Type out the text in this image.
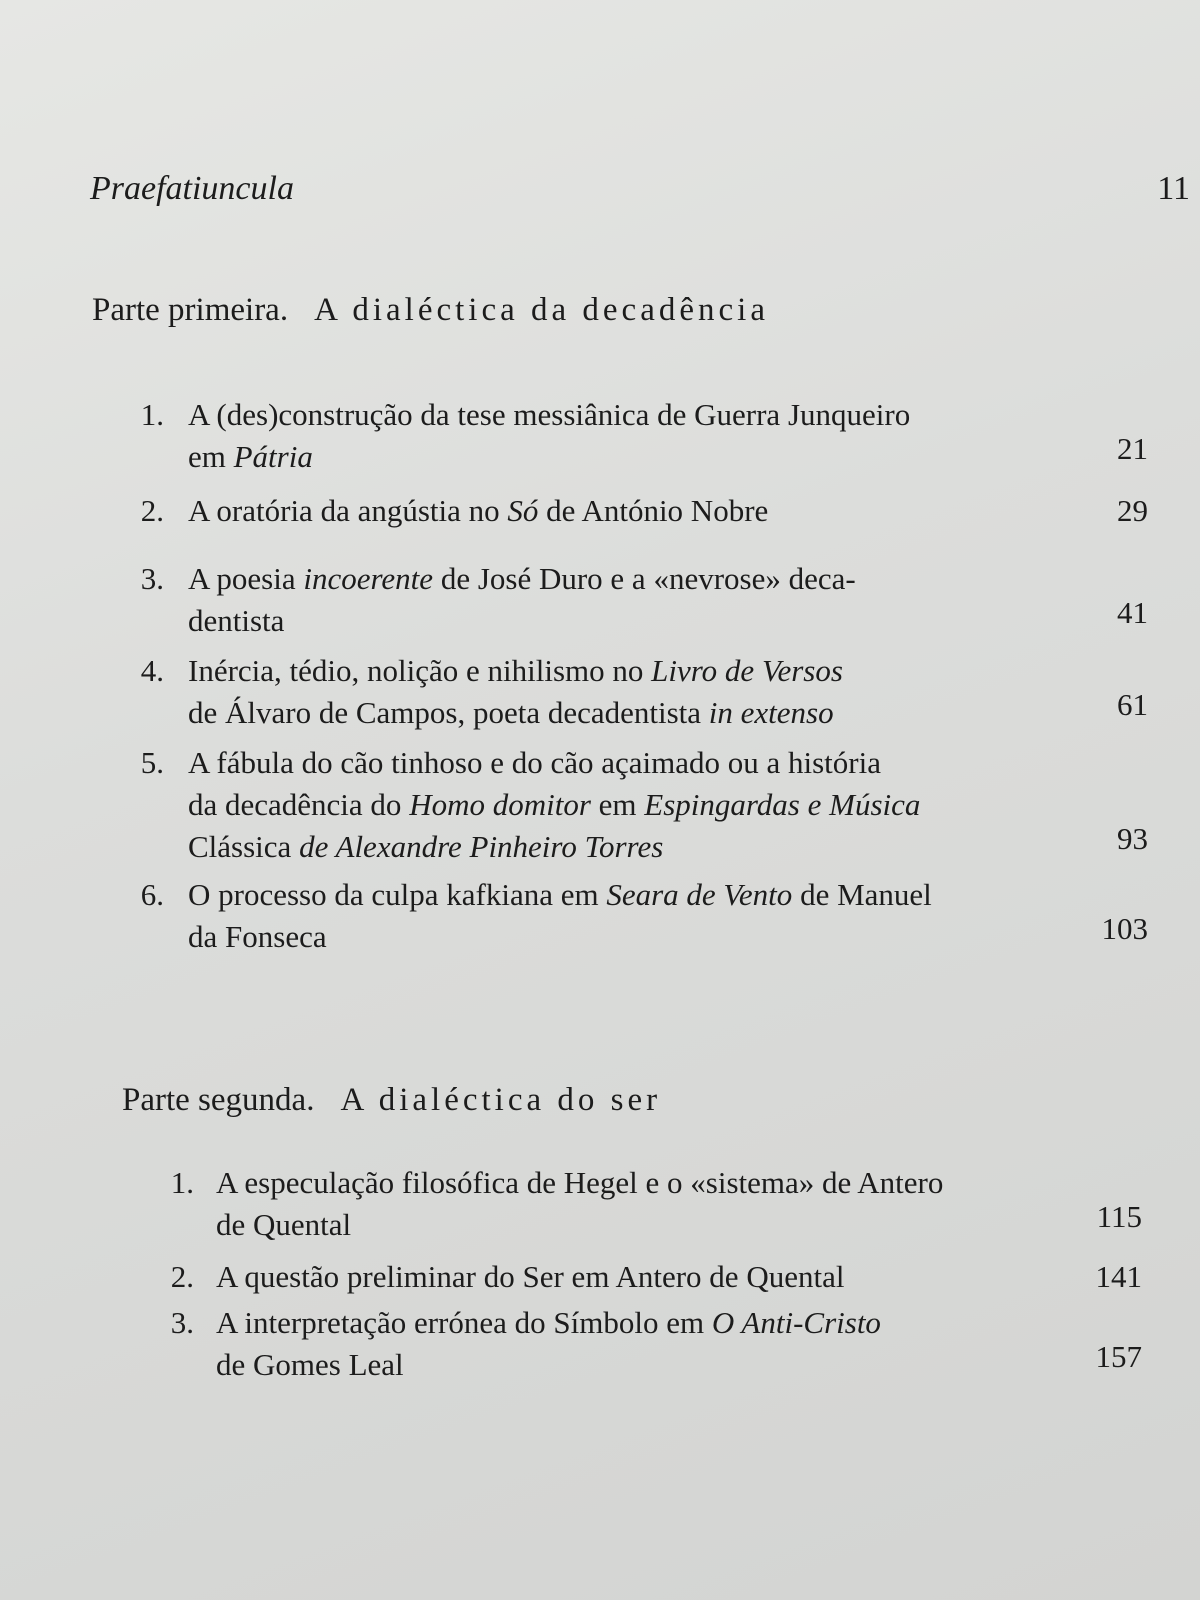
Praefatiuncula	11
Parte primeira. A dialéctica da decadência
1. A (des)construção da tese messiânica de Guerra Junqueiro
em Pátria	21
2. A oratória da angústia no Só de António Nobre	29
3. A poesia incoerente de José Duro e a «nevrose» deca-
dentista	41
4. Inércia, tédio, nolição e nihilismo no Livro de Versos
de Álvaro de Campos, poeta decadentista in extenso	61
5. A fábula do cão tinhoso e do cão açaimado ou a história
da decadência do Homo domitor em Espingardas e Música
Clássica de Alexandre Pinheiro Torres	93
6. O processo da culpa kafkiana em Seara de Vento de Manuel
da Fonseca	103
Parte segunda. A dialéctica do ser
1. A especulação filosófica de Hegel e o «sistema» de Antero
de Quental	115
2. A questão preliminar do Ser em Antero de Quental	141
3. A interpretação errónea do Símbolo em O Anti-Cristo
de Gomes Leal	157
